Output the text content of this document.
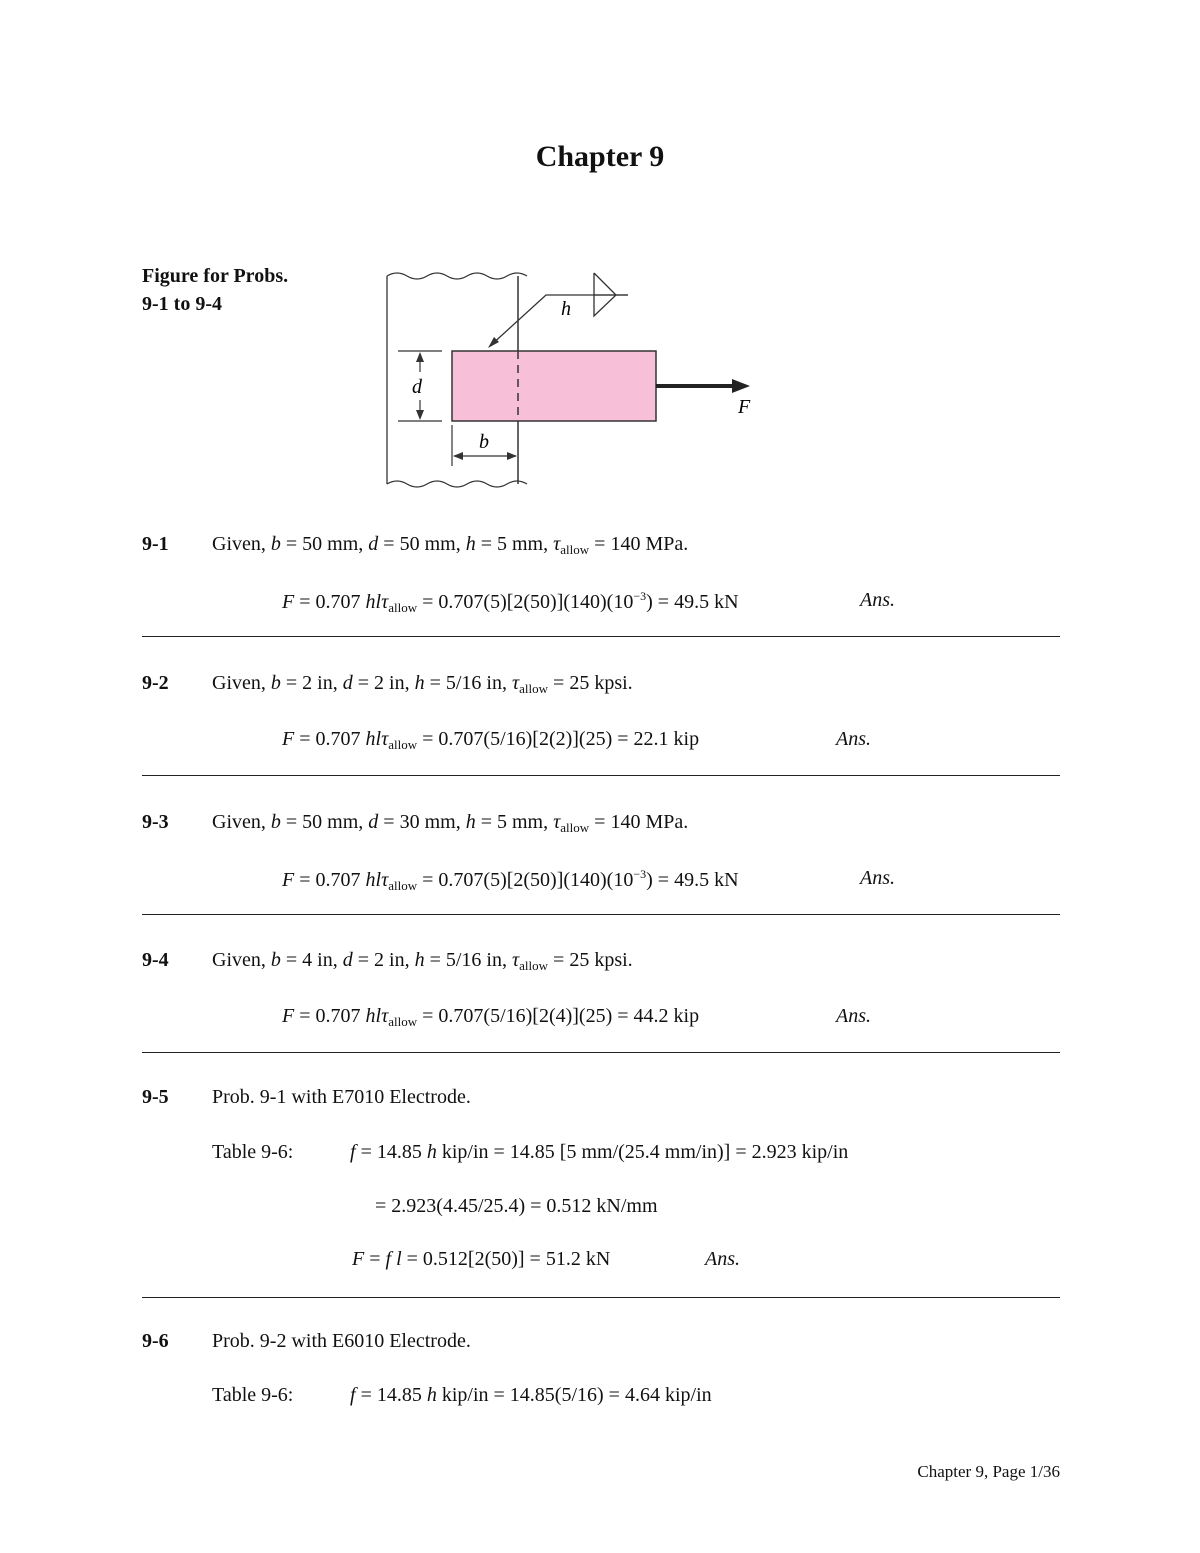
Chapter 9
Figure for Probs.
9-1 to 9-4
F
h
d
b
9-1 Given, b = 50 mm, d = 50 mm, h = 5 mm, $\tau_{allow} = 140$ MPa.
F = 0.707 $hl\tau_{allow} = 0.707(5)[2(50)](140)(10^{-3}) = 49.5$ kN	Ans.
9-2 Given, b = 2 in, d = 2 in, h = 5/16 in, $\tau_{allow} = 25$ kpsi.
F = 0.707 hlτ$_{allow}$ = 0.707(5/16)[2(2)](25) = 22.1 kip	Ans.
9-3 Given, b = 50 mm, d = 30 mm, h = 5 mm, $\tau_{allow} = 140$ MPa.
F = 0.707 $hl\tau_{allow} = 0.707(5)[2(50)](140)(10^{-3}) = 49.5$ kN	Ans.
9-4 Given, b = 4 in, d = 2 in, h = 5/16 in, $\tau_{allow} = 25$ kpsi.
F = 0.707 hlτ$_{allow}$ = 0.707(5/16)[2(4)](25) = 44.2 kip	Ans.
9-5 Prob. 9-1 with E7010 Electrode.
Table 9-6:	f = 14.85 h kip/in = 14.85 [5 mm/(25.4 mm/in)] = 2.923 kip/in
= 2.923(4.45/25.4) = 0.512 kN/mm
F = f l = 0.512[2(50)] = 51.2 kN	Ans.
9-6 Prob. 9-2 with E6010 Electrode.
Table 9-6:	f = 14.85 h kip/in = 14.85(5/16) = 4.64 kip/in
Chapter 9, Page 1/36
